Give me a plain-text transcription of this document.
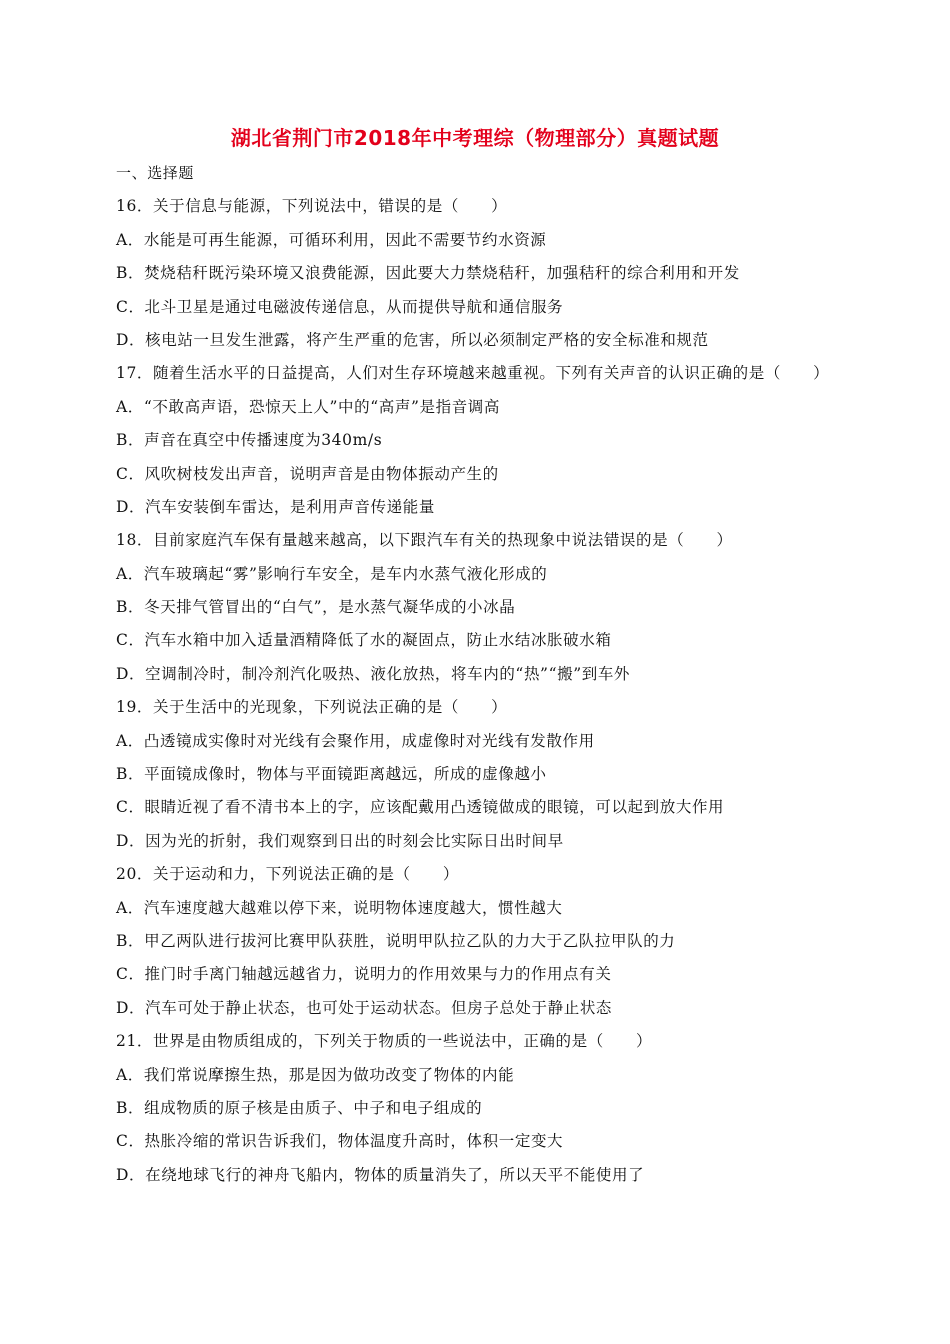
湖北省荆门市2018年中考理综（物理部分）真题试题
一、选择题
16．关于信息与能源，下列说法中，错误的是（　　）
A．水能是可再生能源，可循环利用，因此不需要节约水资源
B．焚烧秸秆既污染环境又浪费能源，因此要大力禁烧秸秆，加强秸秆的综合利用和开发
C．北斗卫星是通过电磁波传递信息，从而提供导航和通信服务
D．核电站一旦发生泄露，将产生严重的危害，所以必须制定严格的安全标准和规范
17．随着生活水平的日益提高，人们对生存环境越来越重视。下列有关声音的认识正确的是（　　）
A．“不敢高声语，恐惊天上人”中的“高声”是指音调高
B．声音在真空中传播速度为340m/s
C．风吹树枝发出声音，说明声音是由物体振动产生的
D．汽车安装倒车雷达，是利用声音传递能量
18．目前家庭汽车保有量越来越高，以下跟汽车有关的热现象中说法错误的是（　　）
A．汽车玻璃起“雾”影响行车安全，是车内水蒸气液化形成的
B．冬天排气管冒出的“白气”，是水蒸气凝华成的小冰晶
C．汽车水箱中加入适量酒精降低了水的凝固点，防止水结冰胀破水箱
D．空调制冷时，制冷剂汽化吸热、液化放热，将车内的“热”“搬”到车外
19．关于生活中的光现象，下列说法正确的是（　　）
A．凸透镜成实像时对光线有会聚作用，成虚像时对光线有发散作用
B．平面镜成像时，物体与平面镜距离越远，所成的虚像越小
C．眼睛近视了看不清书本上的字，应该配戴用凸透镜做成的眼镜，可以起到放大作用
D．因为光的折射，我们观察到日出的时刻会比实际日出时间早
20．关于运动和力，下列说法正确的是（　　）
A．汽车速度越大越难以停下来，说明物体速度越大，惯性越大
B．甲乙两队进行拔河比赛甲队获胜，说明甲队拉乙队的力大于乙队拉甲队的力
C．推门时手离门轴越远越省力，说明力的作用效果与力的作用点有关
D．汽车可处于静止状态，也可处于运动状态。但房子总处于静止状态
21．世界是由物质组成的，下列关于物质的一些说法中，正确的是（　　）
A．我们常说摩擦生热，那是因为做功改变了物体的内能
B．组成物质的原子核是由质子、中子和电子组成的
C．热胀冷缩的常识告诉我们，物体温度升高时，体积一定变大
D．在绕地球飞行的神舟飞船内，物体的质量消失了，所以天平不能使用了
